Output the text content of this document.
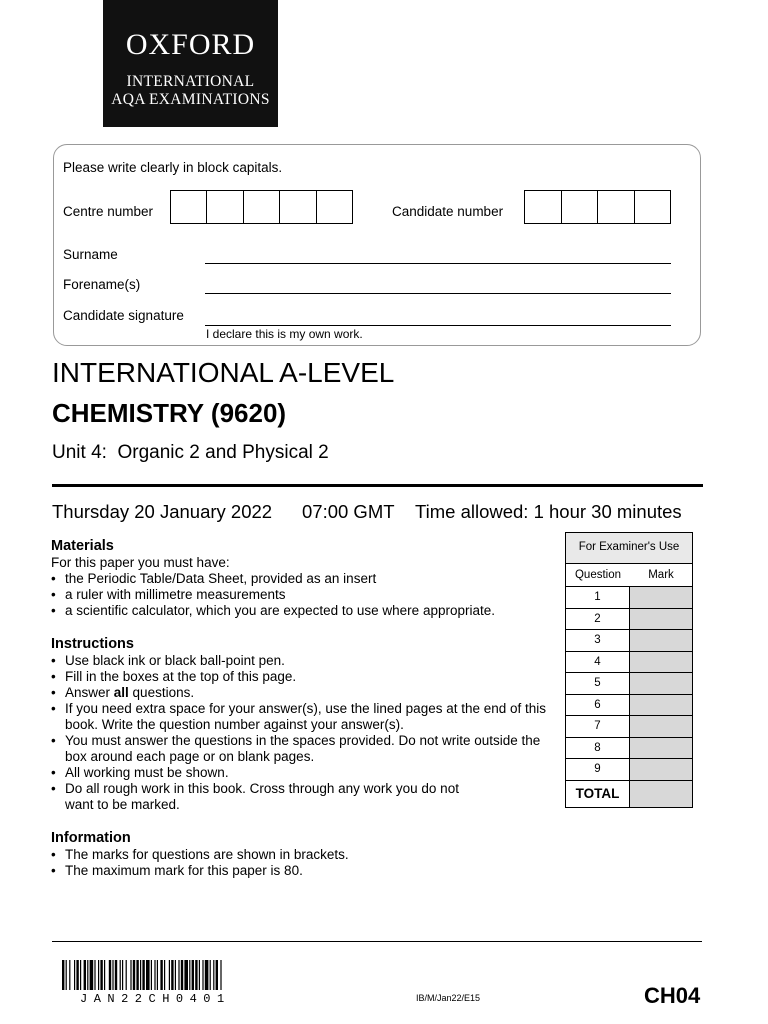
OXFORD
INTERNATIONAL
AQA EXAMINATIONS
Please write clearly in block capitals.
Centre number	Candidate number
Surname
Forename(s)
Candidate signature
I declare this is my own work.
INTERNATIONAL A-LEVEL
CHEMISTRY (9620)
Unit 4:  Organic 2 and Physical 2
Thursday 20 January 2022 07:00 GMT Time allowed: 1 hour 30 minutes
Materials
For this paper you must have:
• the Periodic Table/Data Sheet, provided as an insert
• a ruler with millimetre measurements
• a scientific calculator, which you are expected to use where appropriate.
Instructions
• Use black ink or black ball-point pen.
• Fill in the boxes at the top of this page.
• Answer all questions.
• If you need extra space for your answer(s), use the lined pages at the end of this book. Write the question number against your answer(s).
• You must answer the questions in the spaces provided. Do not write outside the box around each page or on blank pages.
• All working must be shown.
• Do all rough work in this book. Cross through any work you do not want to be marked.
Information
• The marks for questions are shown in brackets.
• The maximum mark for this paper is 80.
For Examiner's Use
Question	Mark
1
2
3
4
5
6
7
8
9
TOTAL
JAN22CH0401	IB/M/Jan22/E15	CH04
